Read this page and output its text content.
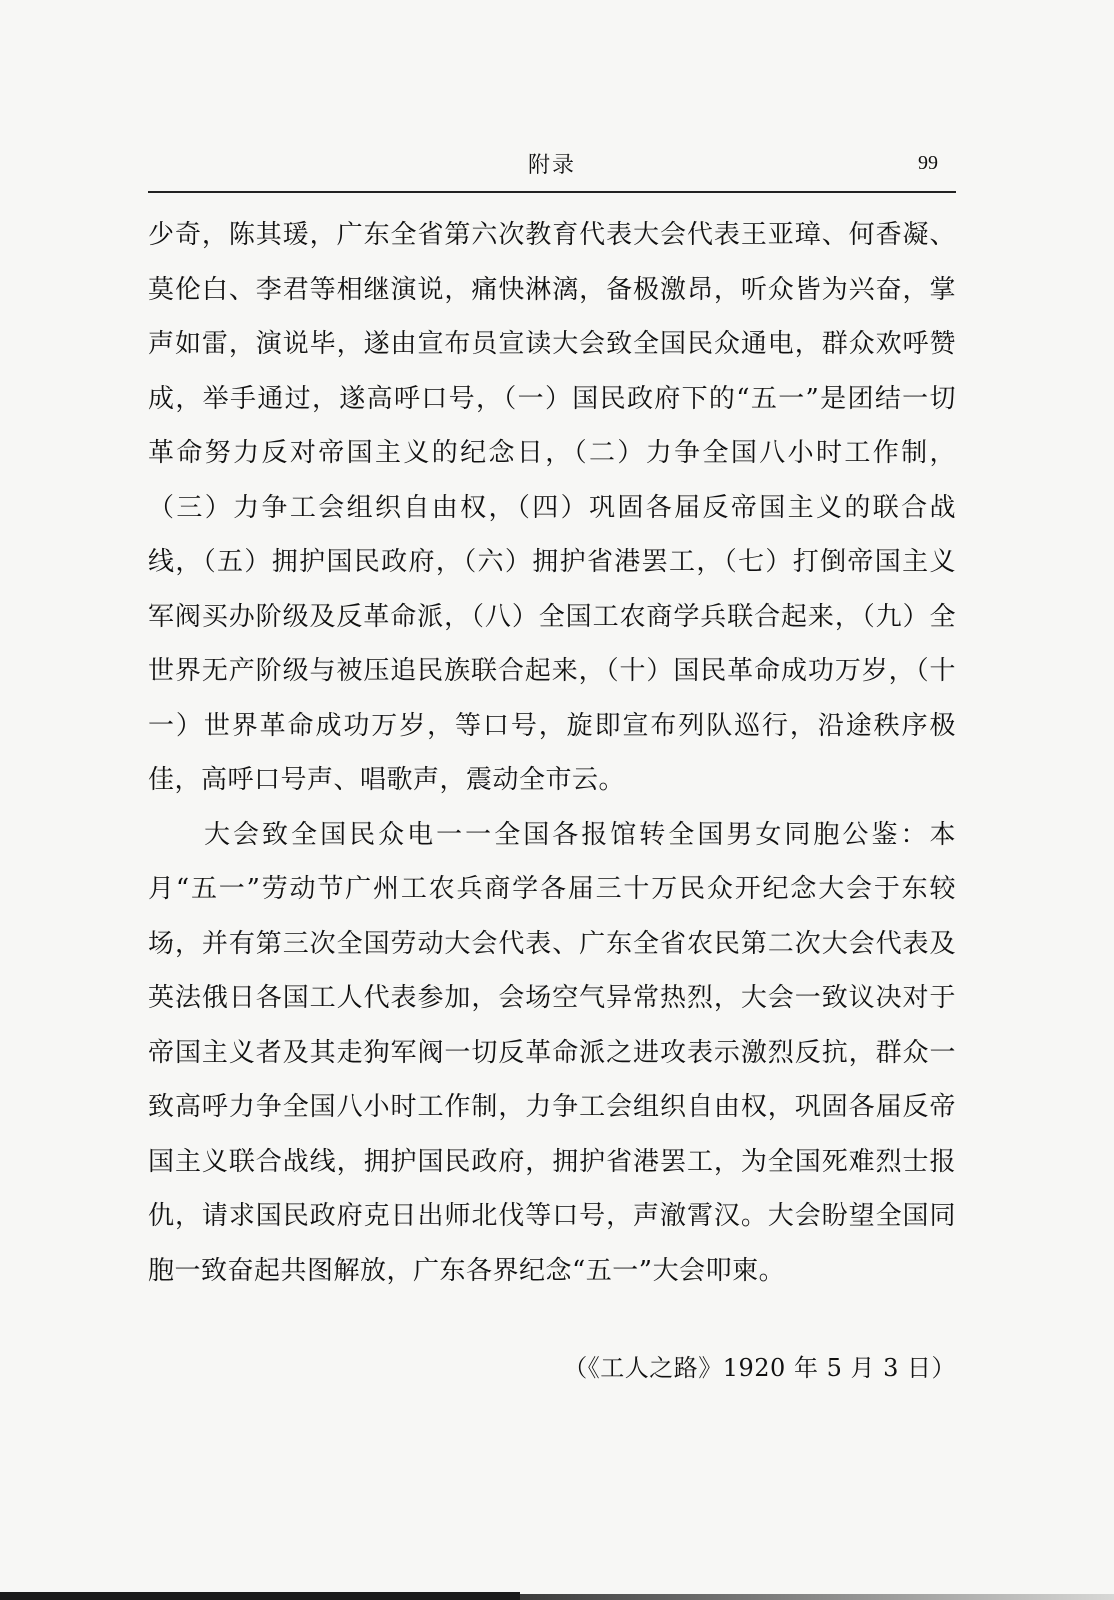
附录	99

少奇，陈其瑗，广东全省第六次教育代表大会代表王亚璋、何香凝、莫伦白、李君等相继演说，痛快淋漓，备极激昂，听众皆为兴奋，掌声如雷，演说毕，遂由宣布员宣读大会致全国民众通电，群众欢呼赞成，举手通过，遂高呼口号，（一）国民政府下的“五一”是团结一切革命努力反对帝国主义的纪念日，（二）力争全国八小时工作制，（三）力争工会组织自由权，（四）巩固各届反帝国主义的联合战线，（五）拥护国民政府，（六）拥护省港罢工，（七）打倒帝国主义军阀买办阶级及反革命派，（八）全国工农商学兵联合起来，（九）全世界无产阶级与被压追民族联合起来，（十）国民革命成功万岁，（十一）世界革命成功万岁，等口号，旋即宣布列队巡行，沿途秩序极佳，高呼口号声、唱歌声，震动全市云。

大会致全国民众电一一全国各报馆转全国男女同胞公鉴：本月“五一”劳动节广州工农兵商学各届三十万民众开纪念大会于东较场，并有第三次全国劳动大会代表、广东全省农民第二次大会代表及英法俄日各国工人代表参加，会场空气异常热烈，大会一致议决对于帝国主义者及其走狗军阀一切反革命派之进攻表示激烈反抗，群众一致高呼力争全国八小时工作制，力争工会组织自由权，巩固各届反帝国主义联合战线，拥护国民政府，拥护省港罢工，为全国死难烈士报仇，请求国民政府克日出师北伐等口号，声澈霄汉。大会盼望全国同胞一致奋起共图解放，广东各界纪念“五一”大会叩柬。

（《工人之路》1920 年 5 月 3 日）
